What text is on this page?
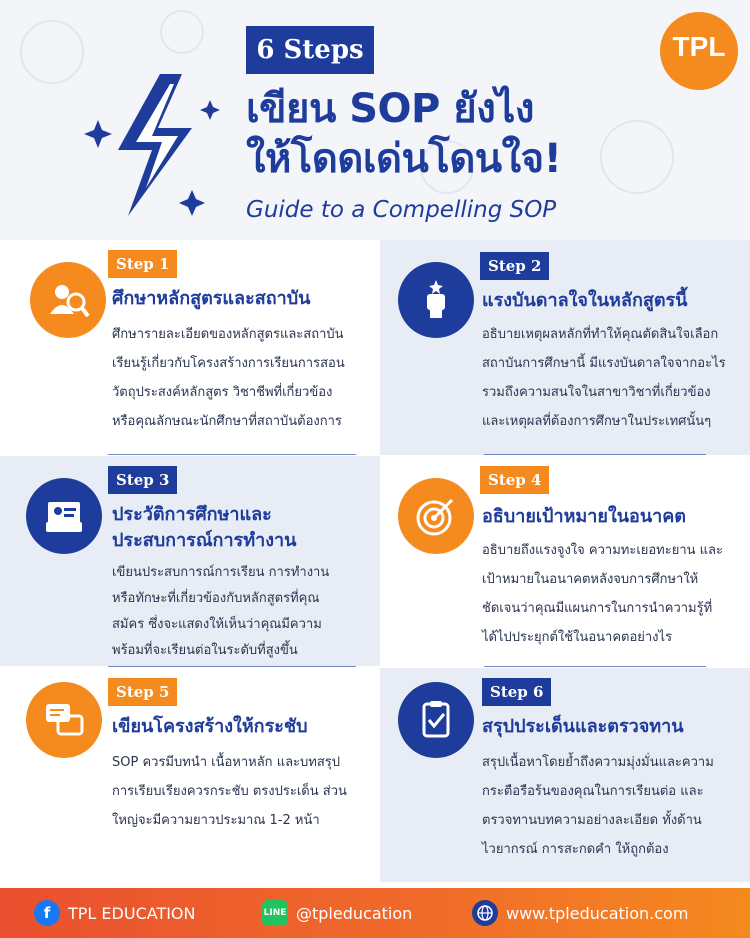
6 Steps
เขียน SOP ยังไง
ให้โดดเด่นโดนใจ!
Guide to a Compelling SOP
TPL
Step 1
ศึกษาหลักสูตรและสถาบัน
ศึกษารายละเอียดของหลักสูตรและสถาบัน
เรียนรู้เกี่ยวกับโครงสร้างการเรียนการสอน
วัตถุประสงค์หลักสูตร วิชาชีพที่เกี่ยวข้อง
หรือคุณลักษณะนักศึกษาที่สถาบันต้องการ
Step 2
แรงบันดาลใจในหลักสูตรนี้
อธิบายเหตุผลหลักที่ทำให้คุณตัดสินใจเลือก
สถาบันการศึกษานี้ มีแรงบันดาลใจจากอะไร
รวมถึงความสนใจในสาขาวิชาที่เกี่ยวข้อง
และเหตุผลที่ต้องการศึกษาในประเทศนั้นๆ
Step 3
ประวัติการศึกษาและ
ประสบการณ์การทำงาน
เขียนประสบการณ์การเรียน การทำงาน
หรือทักษะที่เกี่ยวข้องกับหลักสูตรที่คุณ
สมัคร ซึ่งจะแสดงให้เห็นว่าคุณมีความ
พร้อมที่จะเรียนต่อในระดับที่สูงขึ้น
Step 4
อธิบายเป้าหมายในอนาคต
อธิบายถึงแรงจูงใจ ความทะเยอทะยาน และ
เป้าหมายในอนาคตหลังจบการศึกษาให้
ชัดเจนว่าคุณมีแผนการในการนำความรู้ที่
ได้ไปประยุกต์ใช้ในอนาคตอย่างไร
Step 5
เขียนโครงสร้างให้กระชับ
SOP ควรมีบทนำ เนื้อหาหลัก และบทสรุป
การเรียบเรียงควรกระชับ ตรงประเด็น ส่วน
ใหญ่จะมีความยาวประมาณ 1-2 หน้า
Step 6
สรุปประเด็นและตรวจทาน
สรุปเนื้อหาโดยย้ำถึงความมุ่งมั่นและความ
กระตือรือร้นของคุณในการเรียนต่อ และ
ตรวจทานบทความอย่างละเอียด ทั้งด้าน
ไวยากรณ์ การสะกดคำ ให้ถูกต้อง
f	TPL EDUCATION	LINE @tpleducation	www.tpleducation.com
